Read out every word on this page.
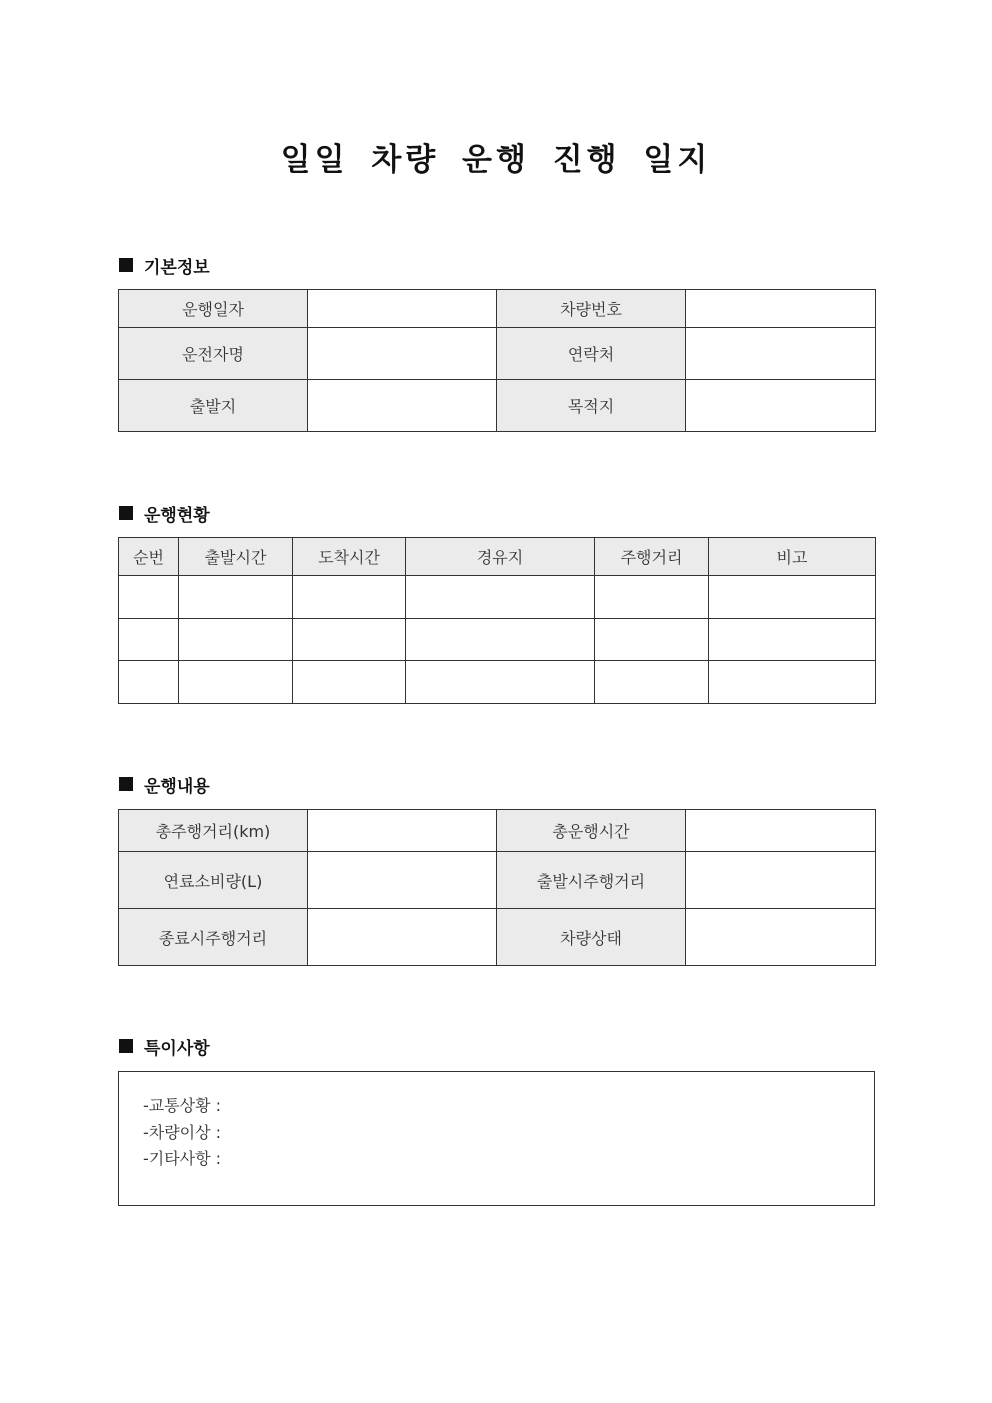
일일 차량 운행 진행 일지
기본정보
운행일자		차량번호	
운전자명		연락처	
출발지		목적지	
운행현황
순번	출발시간	도착시간	경유지	주행거리	비고

운행내용
총주행거리(km)		총운행시간	
연료소비량(L)		출발시주행거리	
종료시주행거리		차량상태	
특이사항
-교통상황 :
-차량이상 :
-기타사항 :
